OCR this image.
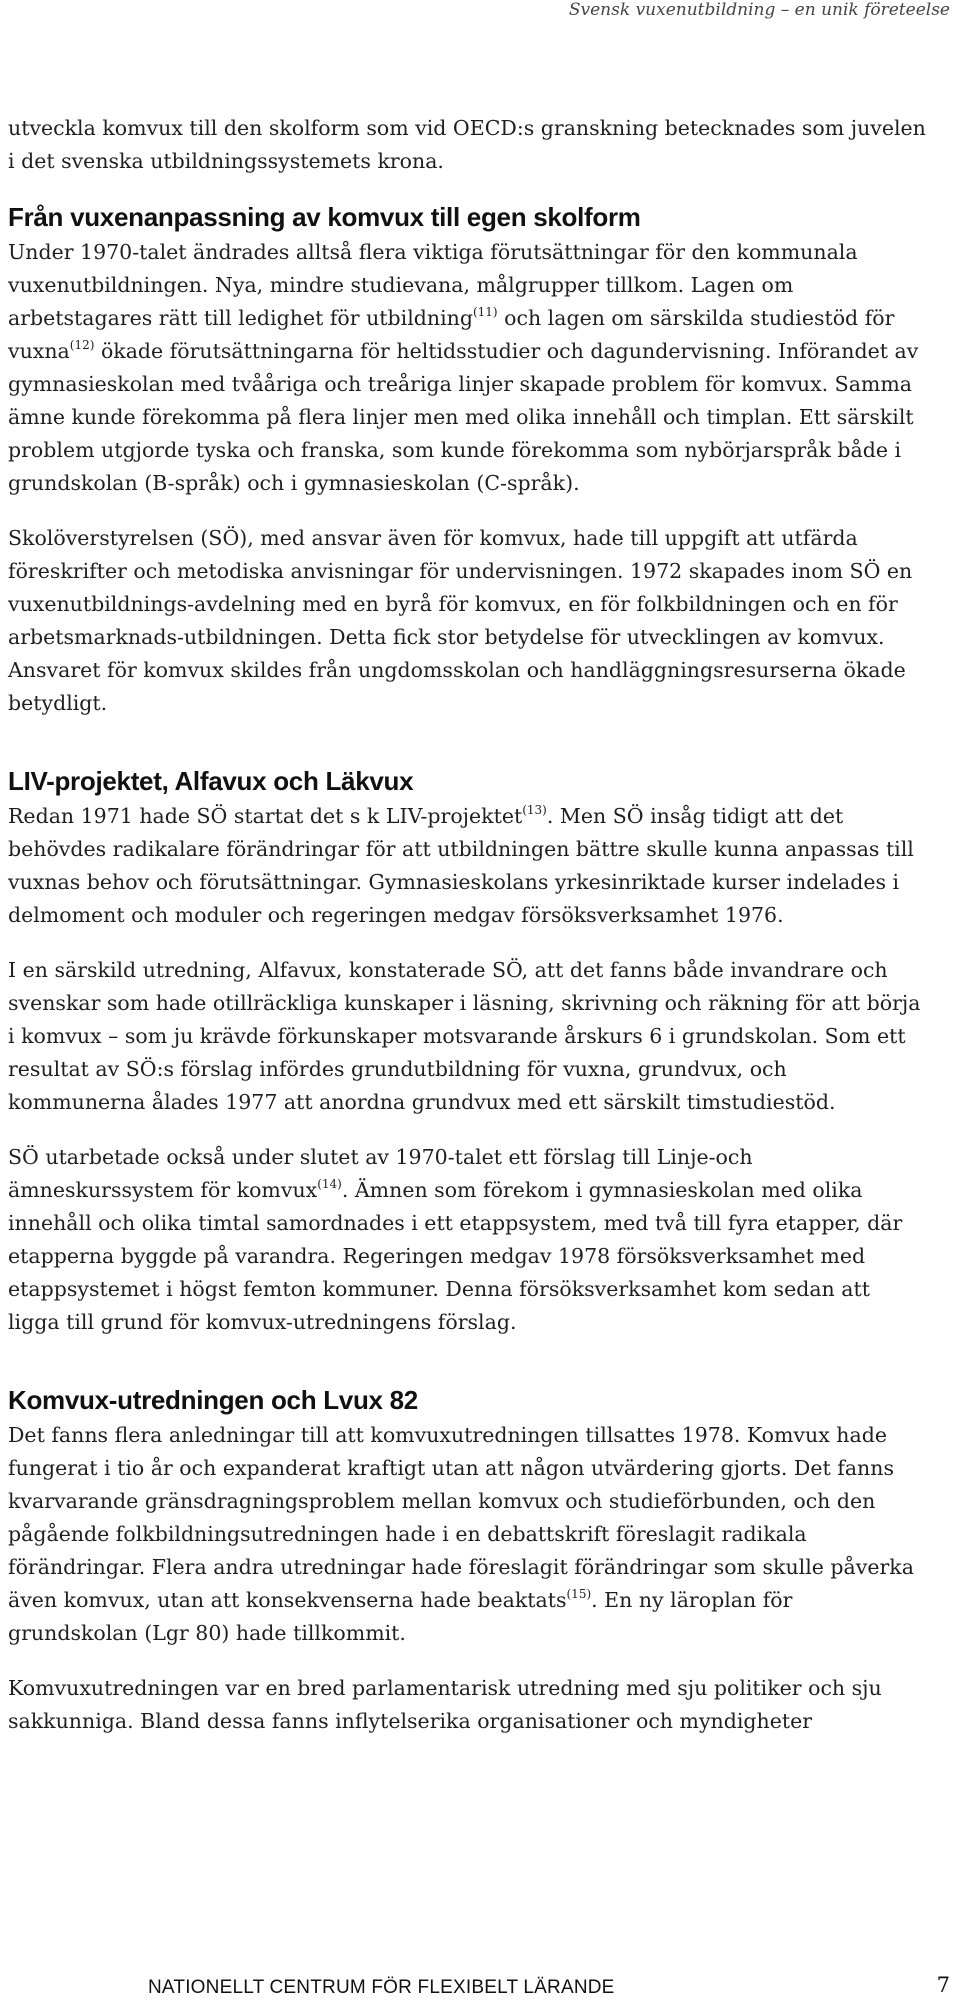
Svensk vuxenutbildning – en unik företeelse

utveckla komvux till den skolform som vid OECD:s granskning betecknades som juvelen i det svenska utbildningssystemets krona.

Från vuxenanpassning av komvux till egen skolform

Under 1970-talet ändrades alltså flera viktiga förutsättningar för den kommunala vuxenutbildningen. Nya, mindre studievana, målgrupper tillkom. Lagen om arbetstagares rätt till ledighet för utbildning$^{(11)}$ och lagen om särskilda studiestöd för vuxna$^{(12)}$ ökade förutsättningarna för heltidsstudier och dagundervisning. Införandet av gymnasieskolan med tvååriga och treåriga linjer skapade problem för komvux. Samma ämne kunde förekomma på flera linjer men med olika innehåll och timplan. Ett särskilt problem utgjorde tyska och franska, som kunde förekomma som nybörjarspråk både i grundskolan (B-språk) och i gymnasieskolan (C-språk).

Skolöverstyrelsen (SÖ), med ansvar även för komvux, hade till uppgift att utfärda föreskrifter och metodiska anvisningar för undervisningen. 1972 skapades inom SÖ en vuxenutbildnings-avdelning med en byrå för komvux, en för folkbildningen och en för arbetsmarknads-utbildningen. Detta fick stor betydelse för utvecklingen av komvux. Ansvaret för komvux skildes från ungdomsskolan och handläggningsresurserna ökade betydligt.

LIV-projektet, Alfavux och Läkvux

Redan 1971 hade SÖ startat det s k LIV-projektet$^{(13)}$. Men SÖ insåg tidigt att det behövdes radikalare förändringar för att utbildningen bättre skulle kunna anpassas till vuxnas behov och förutsättningar. Gymnasieskolans yrkesinriktade kurser indelades i delmoment och moduler och regeringen medgav försöksverksamhet 1976.

I en särskild utredning, Alfavux, konstaterade SÖ, att det fanns både invandrare och svenskar som hade otillräckliga kunskaper i läsning, skrivning och räkning för att börja i komvux – som ju krävde förkunskaper motsvarande årskurs 6 i grundskolan. Som ett resultat av SÖ:s förslag infördes grundutbildning för vuxna, grundvux, och kommunerna ålades 1977 att anordna grundvux med ett särskilt timstudiestöd.

SÖ utarbetade också under slutet av 1970-talet ett förslag till Linje-och ämneskurssystem för komvux$^{(14)}$. Ämnen som förekom i gymnasieskolan med olika innehåll och olika timtal samordnades i ett etappsystem, med två till fyra etapper, där etapperna byggde på varandra. Regeringen medgav 1978 försöksverksamhet med etappsystemet i högst femton kommuner. Denna försöksverksamhet kom sedan att ligga till grund för komvux-utredningens förslag.

Komvux-utredningen och Lvux 82

Det fanns flera anledningar till att komvuxutredningen tillsattes 1978. Komvux hade fungerat i tio år och expanderat kraftigt utan att någon utvärdering gjorts. Det fanns kvarvarande gränsdragningsproblem mellan komvux och studieförbunden, och den pågående folkbildningsutredningen hade i en debattskrift föreslagit radikala förändringar. Flera andra utredningar hade föreslagit förändringar som skulle påverka även komvux, utan att konsekvenserna hade beaktats$^{(15)}$. En ny läroplan för grundskolan (Lgr 80) hade tillkommit.

Komvuxutredningen var en bred parlamentarisk utredning med sju politiker och sju sakkunniga. Bland dessa fanns inflytelserika organisationer och myndigheter

NATIONELLT CENTRUM FÖR FLEXIBELT LÄRANDE	7
